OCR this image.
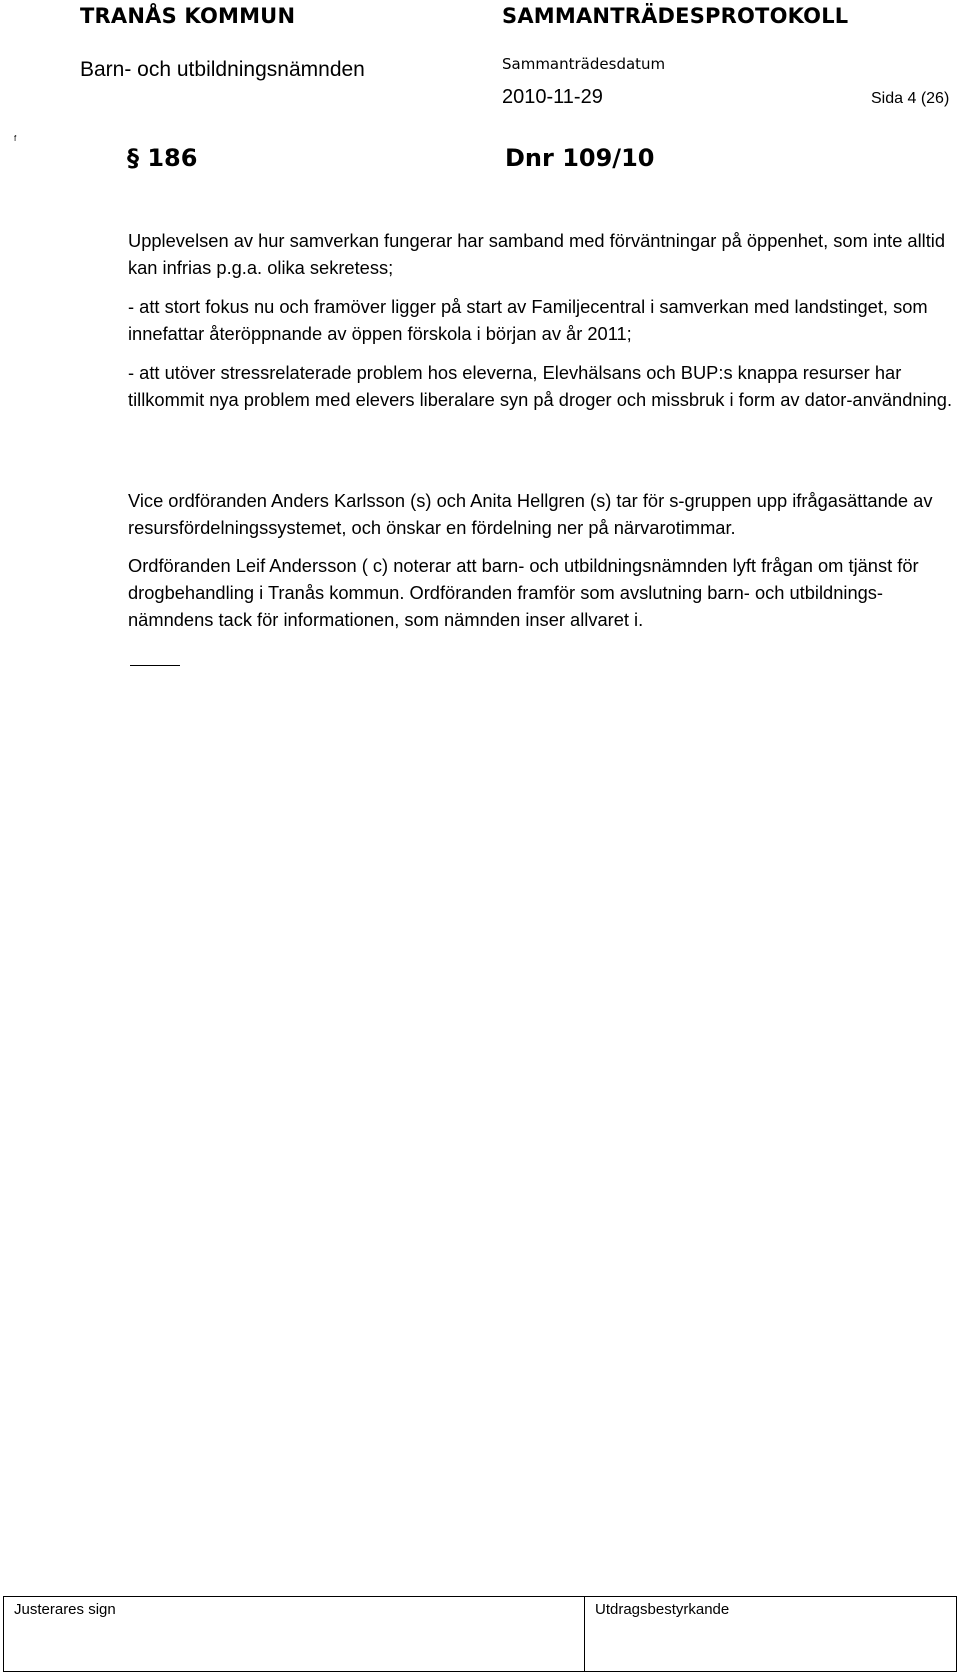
TRANÅS KOMMUN	SAMMANTRÄDESPROTOKOLL
Barn- och utbildningsnämnden	Sammanträdesdatum
2010-11-29	Sida 4 (26)
f
§ 186	Dnr 109/10

Upplevelsen av hur samverkan fungerar har samband med förväntningar på öppenhet, som inte alltid kan infrias p.g.a. olika sekretess;

- att stort fokus nu och framöver ligger på start av Familjecentral i samverkan med landstinget, som innefattar återöppnande av öppen förskola i början av år 2011;

- att utöver stressrelaterade problem hos eleverna, Elevhälsans och BUP:s knappa resurser har tillkommit nya problem med elevers liberalare syn på droger och missbruk i form av dator-användning.

Vice ordföranden Anders Karlsson (s) och Anita Hellgren (s) tar för s-gruppen upp ifrågasättande av resursfördelningssystemet, och önskar en fördelning ner på närvarotimmar.

Ordföranden Leif Andersson ( c) noterar att barn- och utbildningsnämnden lyft frågan om tjänst för drogbehandling i Tranås kommun. Ordföranden framför som avslutning barn- och utbildnings-nämndens tack för informationen, som nämnden inser allvaret i.

Justerares sign	Utdragsbestyrkande
